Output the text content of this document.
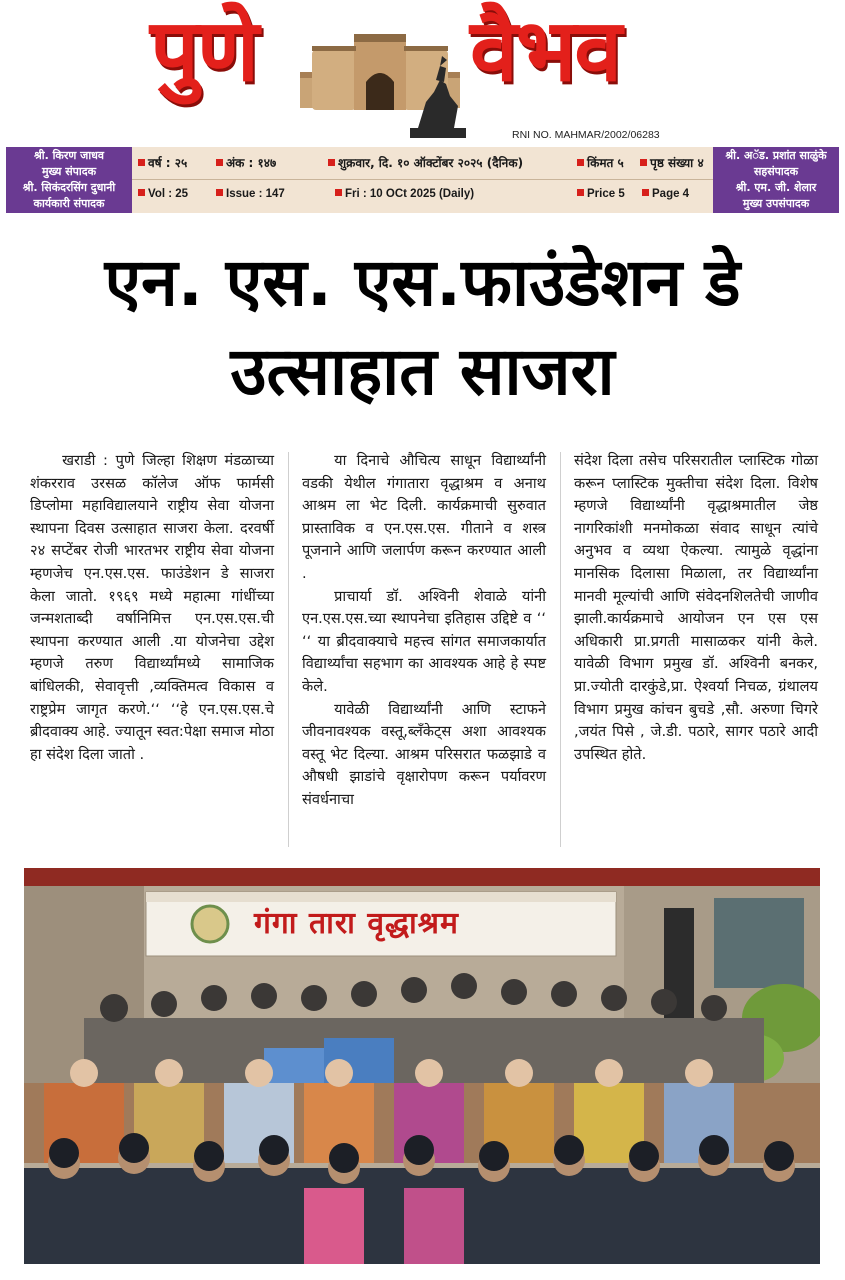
पुणे वैभव
RNI NO. MAHMAR/2002/06283
श्री. किरण जाधव
मुख्य संपादक
श्री. सिकंदरसिंग दुधानी
कार्यकारी संपादक
वर्ष : २५	अंक : १४७	शुक्रवार, दि. १० ऑक्टोंबर २०२५ (दैनिक)	किंमत ५	पृष्ठ संख्या ४
Vol : 25	Issue : 147	Fri : 10 OCt 2025 (Daily)	Price 5	Page 4
श्री. अॅड. प्रशांत साळुंके
सहसंपादक
श्री. एम. जी. शेलार
मुख्य उपसंपादक
एन. एस. एस.फाउंडेशन डे
उत्साहात साजरा

खराडी : पुणे जिल्हा शिक्षण मंडळाच्या शंकरराव उरसळ कॉलेज ऑफ फार्मसी डिप्लोमा महाविद्यालयाने राष्ट्रीय सेवा योजना स्थापना दिवस उत्साहात साजरा केला. दरवर्षी २४ सप्टेंबर रोजी भारतभर राष्ट्रीय सेवा योजना म्हणजेच एन.एस.एस. फाउंडेशन डे साजरा केला जातो. १९६९ मध्ये महात्मा गांधींच्या जन्मशताब्दी वर्षानिमित्त एन.एस.एस.ची स्थापना करण्यात आली .या योजनेचा उद्देश म्हणजे तरुण विद्यार्थ्यांमध्ये सामाजिक बांधिलकी, सेवावृत्ती ,व्यक्तिमत्व विकास व राष्ट्रप्रेम जागृत करणे.‘‘ ‘‘हे एन.एस.एस.चे ब्रीदवाक्य आहे. ज्यातून स्वत:पेक्षा समाज मोठा हा संदेश दिला जातो .

या दिनाचे औचित्य साधून विद्यार्थ्यांनी वडकी येथील गंगातारा वृद्धाश्रम व अनाथ आश्रम ला भेट दिली. कार्यक्रमाची सुरुवात प्रास्ताविक व एन.एस.एस. गीताने व शस्त्र पूजनाने आणि जलार्पण करून करण्यात आली .

प्राचार्या डॉ. अश्विनी शेवाळे यांनी एन.एस.एस.च्या स्थापनेचा इतिहास उद्दिष्टे व ‘‘ ‘‘ या ब्रीदवाक्याचे महत्त्व सांगत समाजकार्यात विद्यार्थ्यांचा सहभाग का आवश्यक आहे हे स्पष्ट केले.

यावेळी विद्यार्थ्यांनी आणि स्टाफने जीवनावश्यक वस्तू,ब्लँकेट्स अशा आवश्यक वस्तू भेट दिल्या. आश्रम परिसरात फळझाडे व औषधी झाडांचे वृक्षारोपण करून पर्यावरण संवर्धनाचा

संदेश दिला तसेच परिसरातील प्लास्टिक गोळा करून प्लास्टिक मुक्तीचा संदेश दिला. विशेष म्हणजे विद्यार्थ्यांनी वृद्धाश्रमातील जेष्ठ नागरिकांशी मनमोकळा संवाद साधून त्यांचे अनुभव व व्यथा ऐकल्या. त्यामुळे वृद्धांना मानसिक दिलासा मिळाला, तर विद्यार्थ्यांना मानवी मूल्यांची आणि संवेदनशिलतेची जाणीव झाली.कार्यक्रमाचे आयोजन एन एस एस अधिकारी प्रा.प्रगती मासाळकर यांनी केले. यावेळी विभाग प्रमुख डॉ. अश्विनी बनकर, प्रा.ज्योती दारकुंडे,प्रा. ऐश्वर्या निचळ, ग्रंथालय विभाग प्रमुख कांचन बुचडे ,सौ. अरुणा चिगरे ,जयंत पिसे , जे.डी. पठारे, सागर पठारे आदी उपस्थित होते.

गंगा तारा वृद्धाश्रम
